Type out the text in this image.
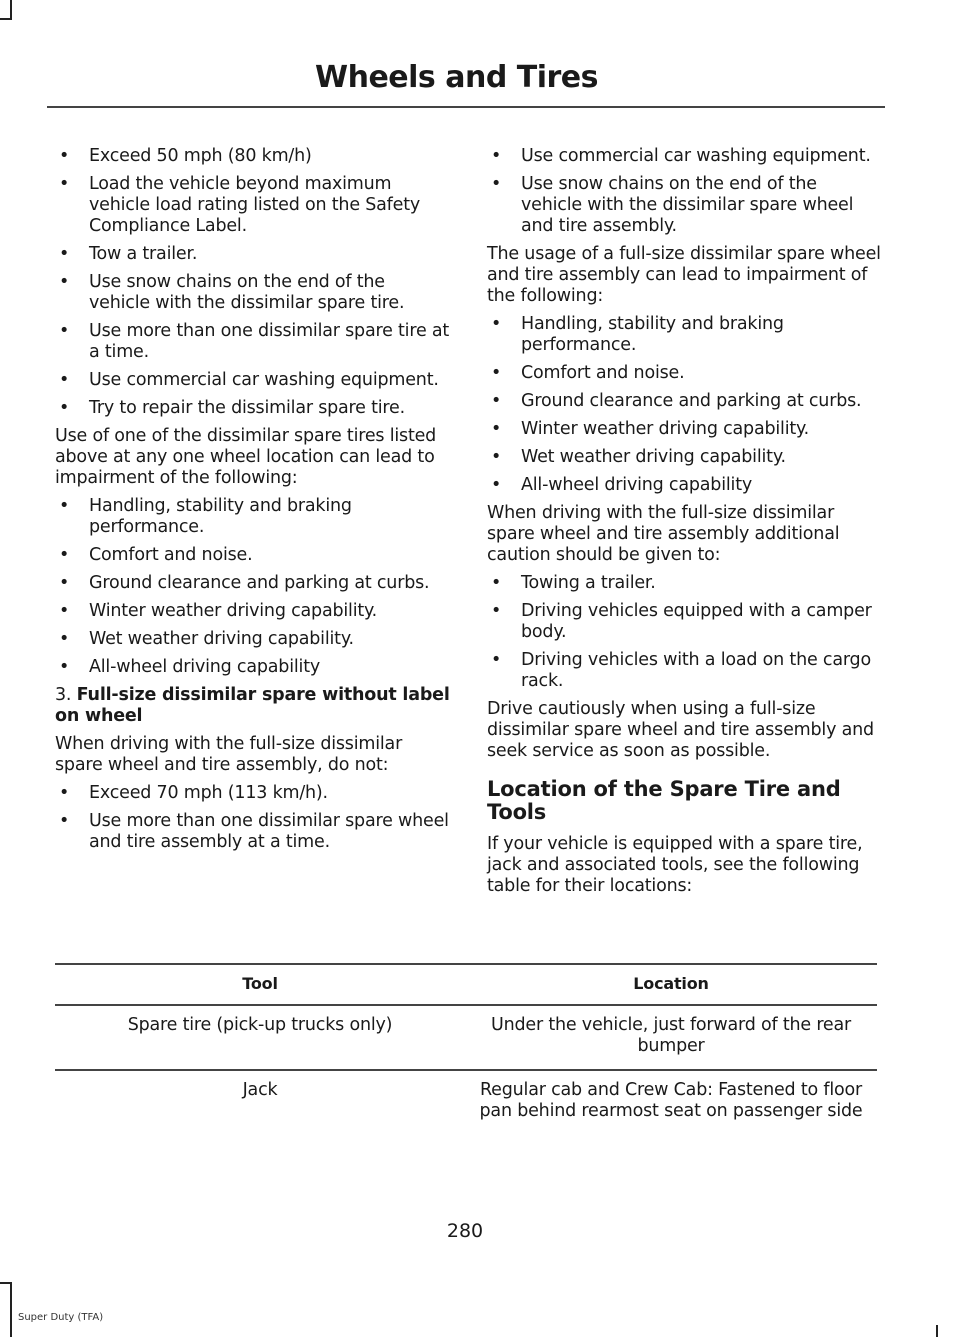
Wheels and Tires
• Exceed 50 mph (80 km/h)
• Load the vehicle beyond maximum vehicle load rating listed on the Safety Compliance Label.
• Tow a trailer.
• Use snow chains on the end of the vehicle with the dissimilar spare tire.
• Use more than one dissimilar spare tire at a time.
• Use commercial car washing equipment.
• Try to repair the dissimilar spare tire.

Use of one of the dissimilar spare tires listed above at any one wheel location can lead to impairment of the following:

• Handling, stability and braking performance.
• Comfort and noise.
• Ground clearance and parking at curbs.
• Winter weather driving capability.
• Wet weather driving capability.
• All-wheel driving capability

3. Full-size dissimilar spare without label on wheel

When driving with the full-size dissimilar spare wheel and tire assembly, do not:

• Exceed 70 mph (113 km/h).
• Use more than one dissimilar spare wheel and tire assembly at a time.
• Use commercial car washing equipment.
• Use snow chains on the end of the vehicle with the dissimilar spare wheel and tire assembly.

The usage of a full-size dissimilar spare wheel and tire assembly can lead to impairment of the following:

• Handling, stability and braking performance.
• Comfort and noise.
• Ground clearance and parking at curbs.
• Winter weather driving capability.
• Wet weather driving capability.
• All-wheel driving capability

When driving with the full-size dissimilar spare wheel and tire assembly additional caution should be given to:

• Towing a trailer.
• Driving vehicles equipped with a camper body.
• Driving vehicles with a load on the cargo rack.

Drive cautiously when using a full-size dissimilar spare wheel and tire assembly and seek service as soon as possible.

Location of the Spare Tire and Tools

If your vehicle is equipped with a spare tire, jack and associated tools, see the following table for their locations:

Tool	Location
Spare tire (pick-up trucks only)	Under the vehicle, just forward of the rear bumper
Jack	Regular cab and Crew Cab: Fastened to floor pan behind rearmost seat on passenger side
280
Super Duty (TFA)
